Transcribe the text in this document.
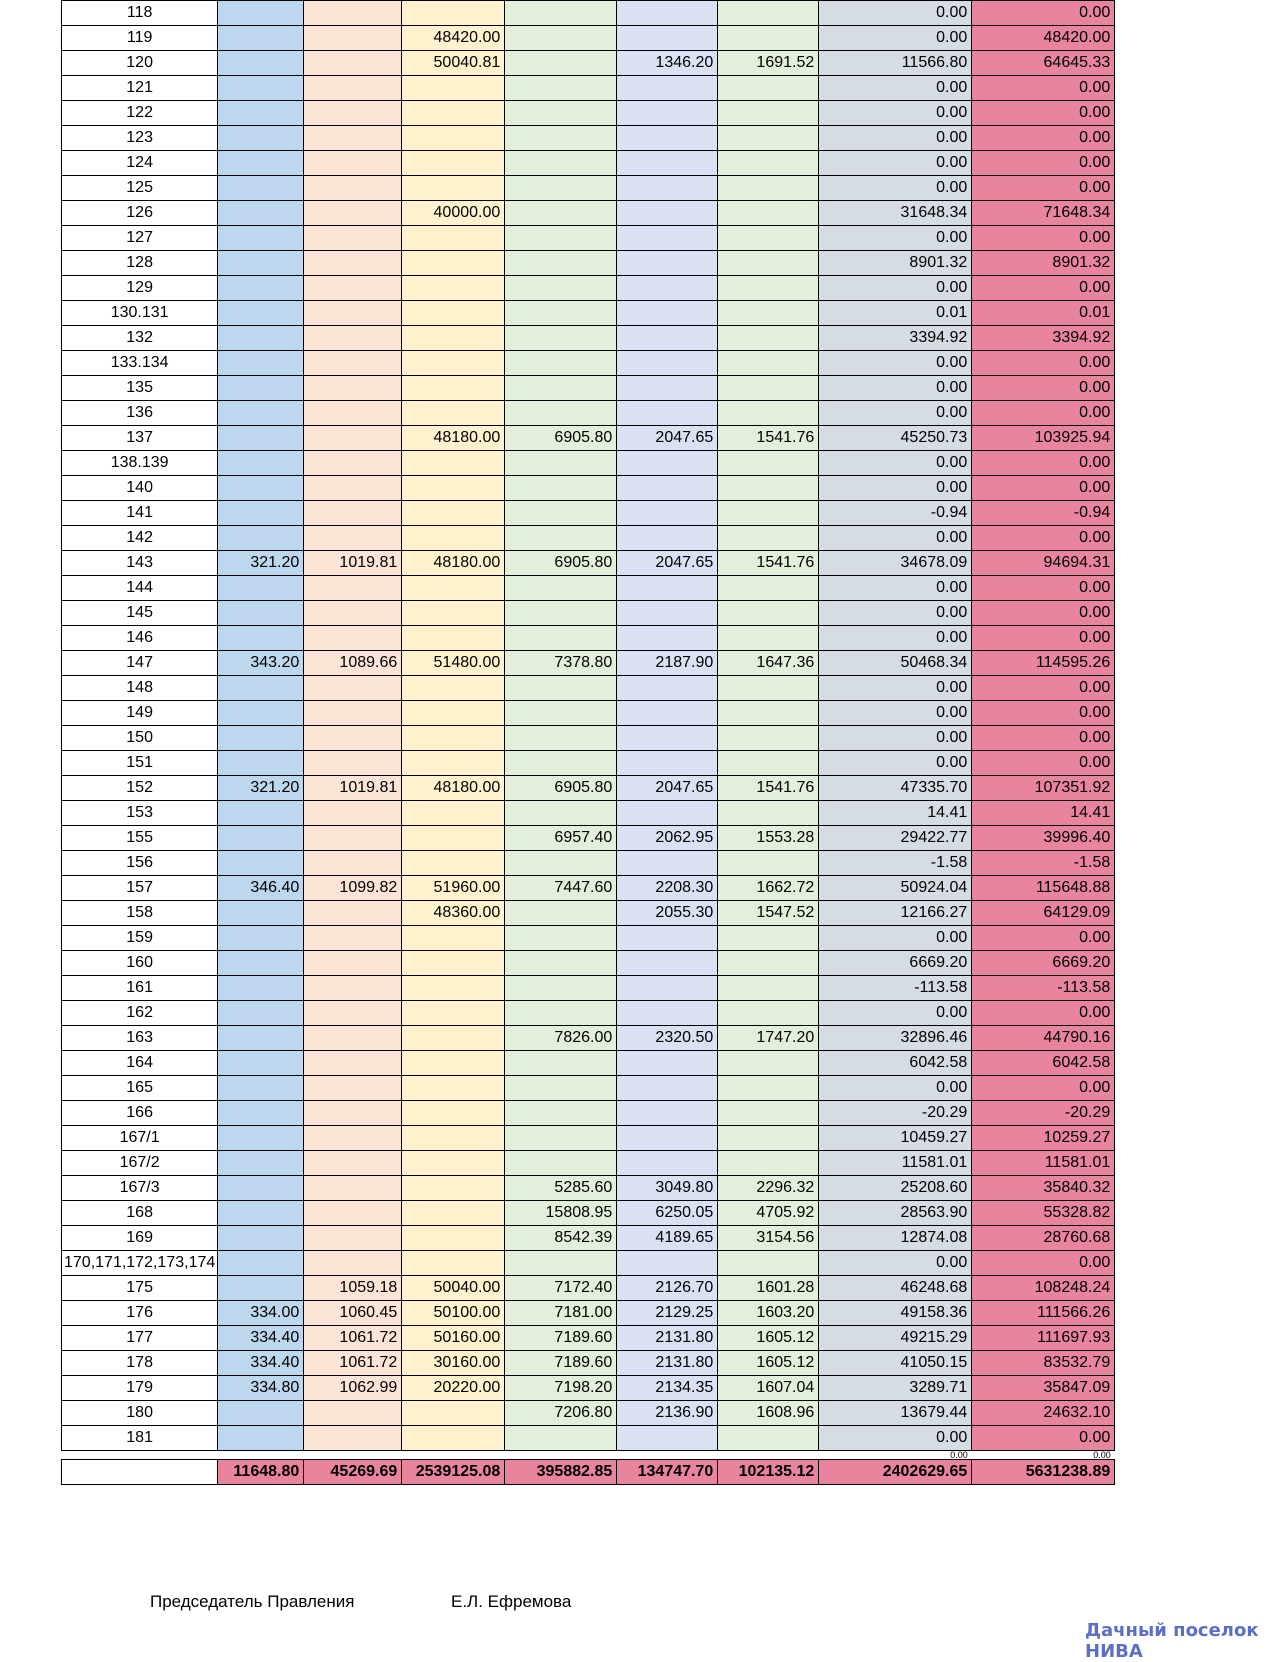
118							0.00	0.00
119			48420.00				0.00	48420.00
120			50040.81		1346.20	1691.52	11566.80	64645.33
121							0.00	0.00
122							0.00	0.00
123							0.00	0.00
124							0.00	0.00
125							0.00	0.00
126			40000.00				31648.34	71648.34
127							0.00	0.00
128							8901.32	8901.32
129							0.00	0.00
130.131							0.01	0.01
132							3394.92	3394.92
133.134							0.00	0.00
135							0.00	0.00
136							0.00	0.00
137			48180.00	6905.80	2047.65	1541.76	45250.73	103925.94
138.139							0.00	0.00
140							0.00	0.00
141							-0.94	-0.94
142							0.00	0.00
143	321.20	1019.81	48180.00	6905.80	2047.65	1541.76	34678.09	94694.31
144							0.00	0.00
145							0.00	0.00
146							0.00	0.00
147	343.20	1089.66	51480.00	7378.80	2187.90	1647.36	50468.34	114595.26
148							0.00	0.00
149							0.00	0.00
150							0.00	0.00
151							0.00	0.00
152	321.20	1019.81	48180.00	6905.80	2047.65	1541.76	47335.70	107351.92
153							14.41	14.41
155				6957.40	2062.95	1553.28	29422.77	39996.40
156							-1.58	-1.58
157	346.40	1099.82	51960.00	7447.60	2208.30	1662.72	50924.04	115648.88
158			48360.00		2055.30	1547.52	12166.27	64129.09
159							0.00	0.00
160							6669.20	6669.20
161							-113.58	-113.58
162							0.00	0.00
163				7826.00	2320.50	1747.20	32896.46	44790.16
164							6042.58	6042.58
165							0.00	0.00
166							-20.29	-20.29
167/1							10459.27	10259.27
167/2							11581.01	11581.01
167/3				5285.60	3049.80	2296.32	25208.60	35840.32
168				15808.95	6250.05	4705.92	28563.90	55328.82
169				8542.39	4189.65	3154.56	12874.08	28760.68
170,171,172,173,174							0.00	0.00
175		1059.18	50040.00	7172.40	2126.70	1601.28	46248.68	108248.24
176	334.00	1060.45	50100.00	7181.00	2129.25	1603.20	49158.36	111566.26
177	334.40	1061.72	50160.00	7189.60	2131.80	1605.12	49215.29	111697.93
178	334.40	1061.72	30160.00	7189.60	2131.80	1605.12	41050.15	83532.79
179	334.80	1062.99	20220.00	7198.20	2134.35	1607.04	3289.71	35847.09
180				7206.80	2136.90	1608.96	13679.44	24632.10
181							0.00	0.00
							0.00	0.00
	11648.80	45269.69	2539125.08	395882.85	134747.70	102135.12	2402629.65	5631238.89
Председатель Правления	Е.Л. Ефремова
Дачный поселок НИВА
